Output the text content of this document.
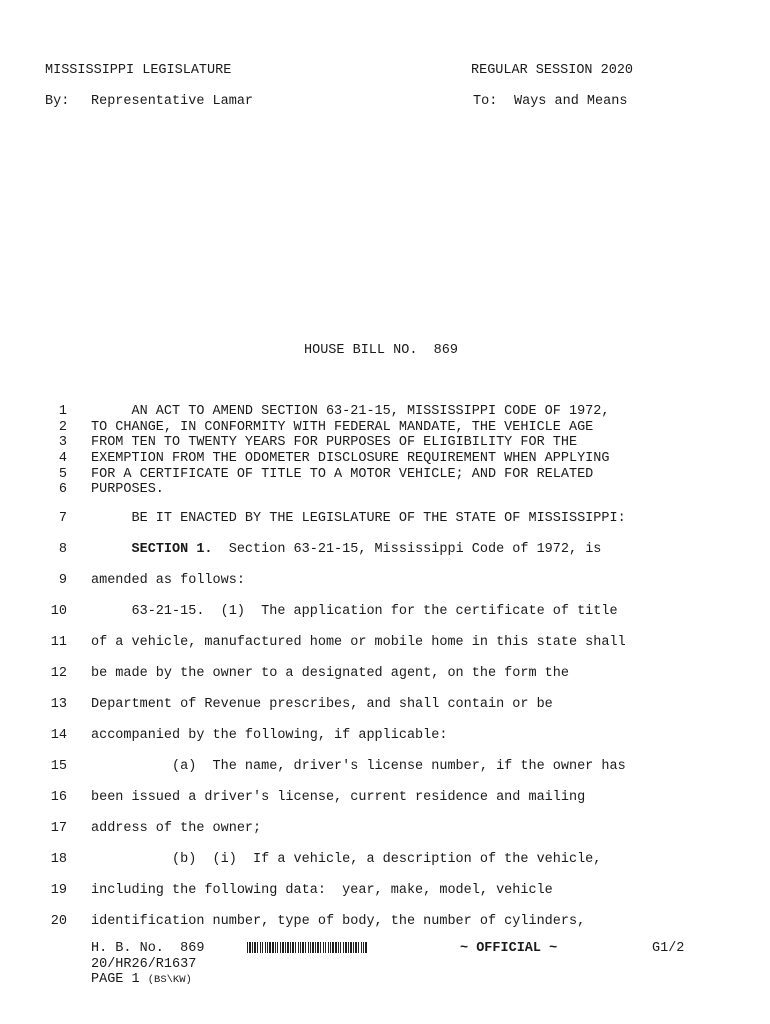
MISSISSIPPI LEGISLATURE	REGULAR SESSION 2020
By: Representative Lamar	To: Ways and Means
HOUSE BILL NO.  869
1 AN ACT TO AMEND SECTION 63-21-15, MISSISSIPPI CODE OF 1972,
2 TO CHANGE, IN CONFORMITY WITH FEDERAL MANDATE, THE VEHICLE AGE
3 FROM TEN TO TWENTY YEARS FOR PURPOSES OF ELIGIBILITY FOR THE
4 EXEMPTION FROM THE ODOMETER DISCLOSURE REQUIREMENT WHEN APPLYING
5 FOR A CERTIFICATE OF TITLE TO A MOTOR VEHICLE; AND FOR RELATED
6 PURPOSES.
7 BE IT ENACTED BY THE LEGISLATURE OF THE STATE OF MISSISSIPPI:
8	SECTION 1.  Section 63-21-15, Mississippi Code of 1972, is
9 amended as follows:
10 63-21-15.  (1)  The application for the certificate of title
11 of a vehicle, manufactured home or mobile home in this state shall
12 be made by the owner to a designated agent, on the form the
13 Department of Revenue prescribes, and shall contain or be
14 accompanied by the following, if applicable:
15 (a)  The name, driver's license number, if the owner has
16 been issued a driver's license, current residence and mailing
17 address of the owner;
18 (b)  (i)  If a vehicle, a description of the vehicle,
19 including the following data:  year, make, model, vehicle
20 identification number, type of body, the number of cylinders,
H. B. No.  869	~ OFFICIAL ~	G1/2
20/HR26/R1637
PAGE 1 (BS\KW)
